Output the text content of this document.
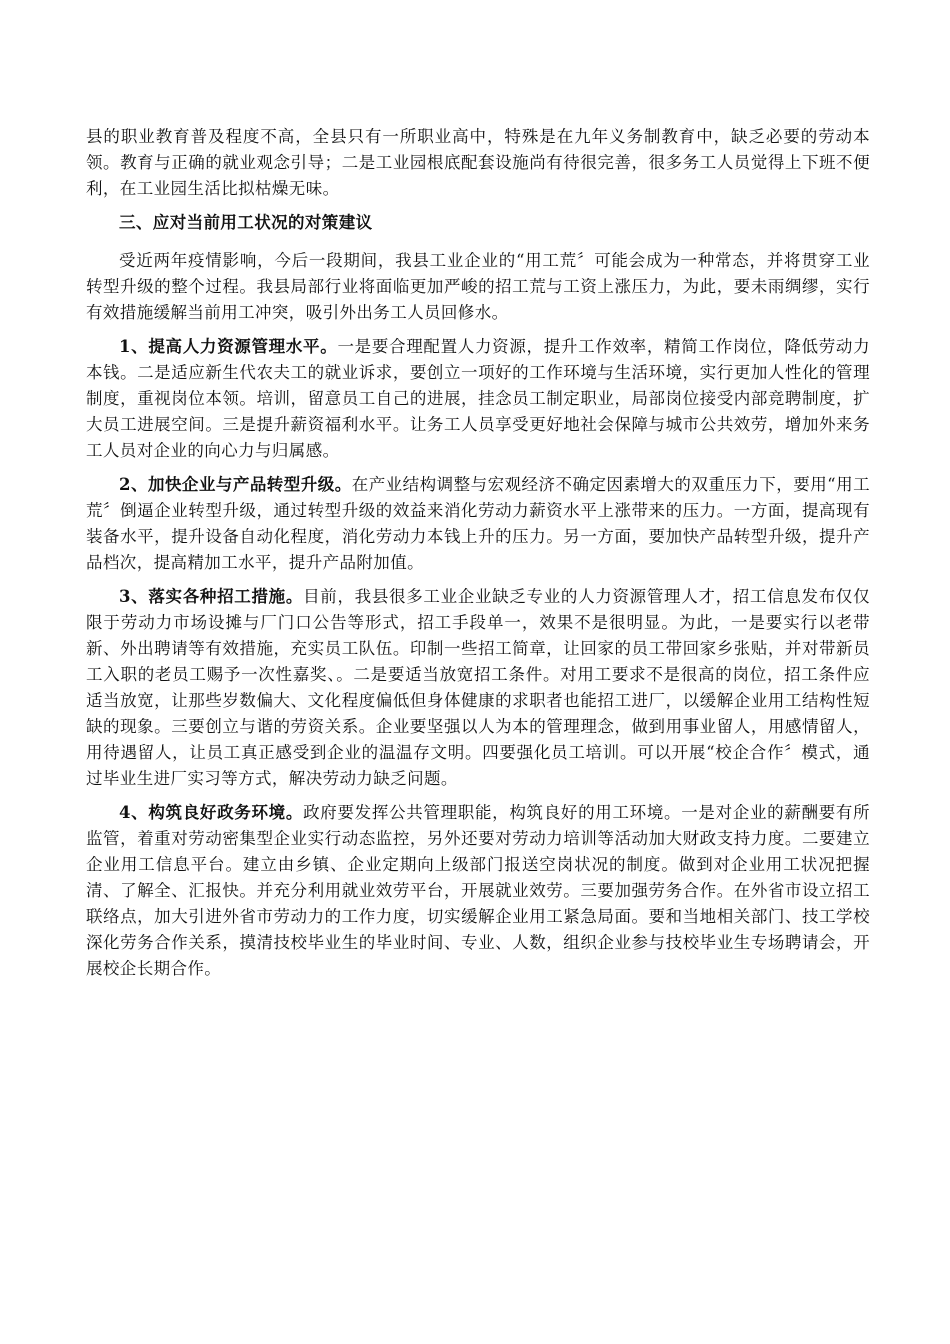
县的职业教育普及程度不高，全县只有一所职业高中，特殊是在九年义务制教育中，缺乏必要的劳动本领。教育与正确的就业观念引导；二是工业园根底配套设施尚有待很完善，很多务工人员觉得上下班不便利，在工业园生活比拟枯燥无味。

三、应对当前用工状况的对策建议

受近两年疫情影响，今后一段期间，我县工业企业的“用工荒〞可能会成为一种常态，并将贯穿工业转型升级的整个过程。我县局部行业将面临更加严峻的招工荒与工资上涨压力，为此，要未雨绸缪，实行有效措施缓解当前用工冲突，吸引外出务工人员回修水。

1、提高人力资源管理水平。一是要合理配置人力资源，提升工作效率，精简工作岗位，降低劳动力本钱。二是适应新生代农夫工的就业诉求，要创立一项好的工作环境与生活环境，实行更加人性化的管理制度，重视岗位本领。培训，留意员工自己的进展，挂念员工制定职业，局部岗位接受内部竞聘制度，扩大员工进展空间。三是提升薪资福利水平。让务工人员享受更好地社会保障与城市公共效劳，增加外来务工人员对企业的向心力与归属感。

2、加快企业与产品转型升级。在产业结构调整与宏观经济不确定因素增大的双重压力下，要用“用工荒〞倒逼企业转型升级，通过转型升级的效益来消化劳动力薪资水平上涨带来的压力。一方面，提高现有装备水平，提升设备自动化程度，消化劳动力本钱上升的压力。另一方面，要加快产品转型升级，提升产品档次，提高精加工水平，提升产品附加值。

3、落实各种招工措施。目前，我县很多工业企业缺乏专业的人力资源管理人才，招工信息发布仅仅限于劳动力市场设摊与厂门口公告等形式，招工手段单一，效果不是很明显。为此，一是要实行以老带新、外出聘请等有效措施，充实员工队伍。印制一些招工简章，让回家的员工带回家乡张贴，并对带新员工入职的老员工赐予一次性嘉奖、。二是要适当放宽招工条件。对用工要求不是很高的岗位，招工条件应适当放宽，让那些岁数偏大、文化程度偏低但身体健康的求职者也能招工进厂，以缓解企业用工结构性短缺的现象。三要创立与谐的劳资关系。企业要坚强以人为本的管理理念，做到用事业留人，用感情留人，用待遇留人，让员工真正感受到企业的温温存文明。四要强化员工培训。可以开展“校企合作〞模式，通过毕业生进厂实习等方式，解决劳动力缺乏问题。

4、构筑良好政务环境。政府要发挥公共管理职能，构筑良好的用工环境。一是对企业的薪酬要有所监管，着重对劳动密集型企业实行动态监控，另外还要对劳动力培训等活动加大财政支持力度。二要建立企业用工信息平台。建立由乡镇、企业定期向上级部门报送空岗状况的制度。做到对企业用工状况把握清、了解全、汇报快。并充分利用就业效劳平台，开展就业效劳。三要加强劳务合作。在外省市设立招工联络点，加大引进外省市劳动力的工作力度，切实缓解企业用工紧急局面。要和当地相关部门、技工学校深化劳务合作关系，摸清技校毕业生的毕业时间、专业、人数，组织企业参与技校毕业生专场聘请会，开展校企长期合作。
